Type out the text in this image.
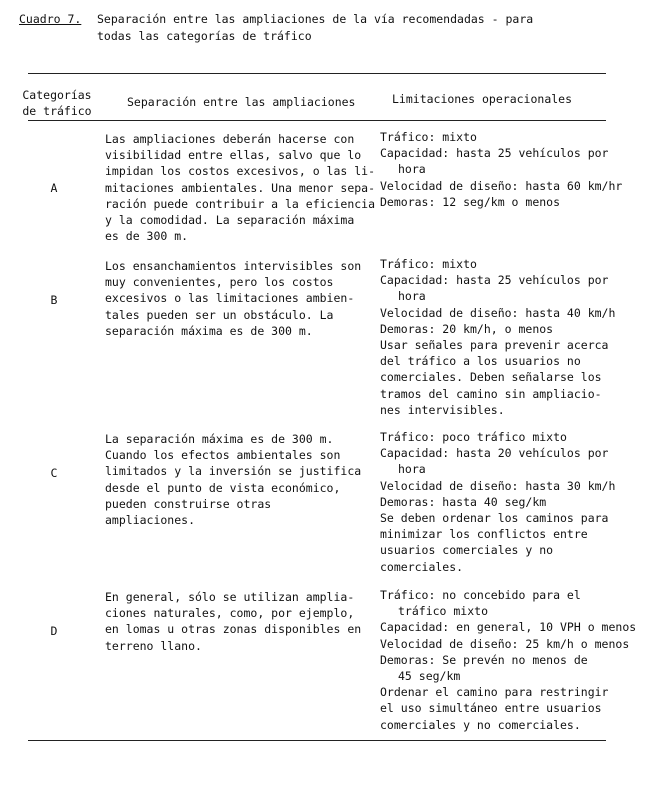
Cuadro 7. Separación entre las ampliaciones de la vía recomendadas - para
todas las categorías de tráfico
Categorías
de tráfico
Separación entre las ampliaciones	Limitaciones operacionales
A
Las ampliaciones deberán hacerse con
visibilidad entre ellas, salvo que lo
impidan los costos excesivos, o las li-
mitaciones ambientales. Una menor sepa-
ración puede contribuir a la eficiencia
y la comodidad. La separación máxima
es de 300 m.
Tráfico: mixto
Capacidad: hasta 25 vehículos por
hora
Velocidad de diseño: hasta 60 km/hr
Demoras: 12 seg/km o menos
B
Los ensanchamientos intervisibles son
muy convenientes, pero los costos
excesivos o las limitaciones ambien-
tales pueden ser un obstáculo. La
separación máxima es de 300 m.
Tráfico: mixto
Capacidad: hasta 25 vehículos por
hora
Velocidad de diseño: hasta 40 km/h
Demoras: 20 km/h, o menos
Usar señales para prevenir acerca
del tráfico a los usuarios no
comerciales. Deben señalarse los
tramos del camino sin ampliacio-
nes intervisibles.
C
La separación máxima es de 300 m.
Cuando los efectos ambientales son
limitados y la inversión se justifica
desde el punto de vista económico,
pueden construirse otras
ampliaciones.
Tráfico: poco tráfico mixto
Capacidad: hasta 20 vehículos por
hora
Velocidad de diseño: hasta 30 km/h
Demoras: hasta 40 seg/km
Se deben ordenar los caminos para
minimizar los conflictos entre
usuarios comerciales y no
comerciales.
D
En general, sólo se utilizan amplia-
ciones naturales, como, por ejemplo,
en lomas u otras zonas disponibles en
terreno llano.
Tráfico: no concebido para el
tráfico mixto
Capacidad: en general, 10 VPH o menos
Velocidad de diseño: 25 km/h o menos
Demoras: Se prevén no menos de
45 seg/km
Ordenar el camino para restringir
el uso simultáneo entre usuarios
comerciales y no comerciales.
